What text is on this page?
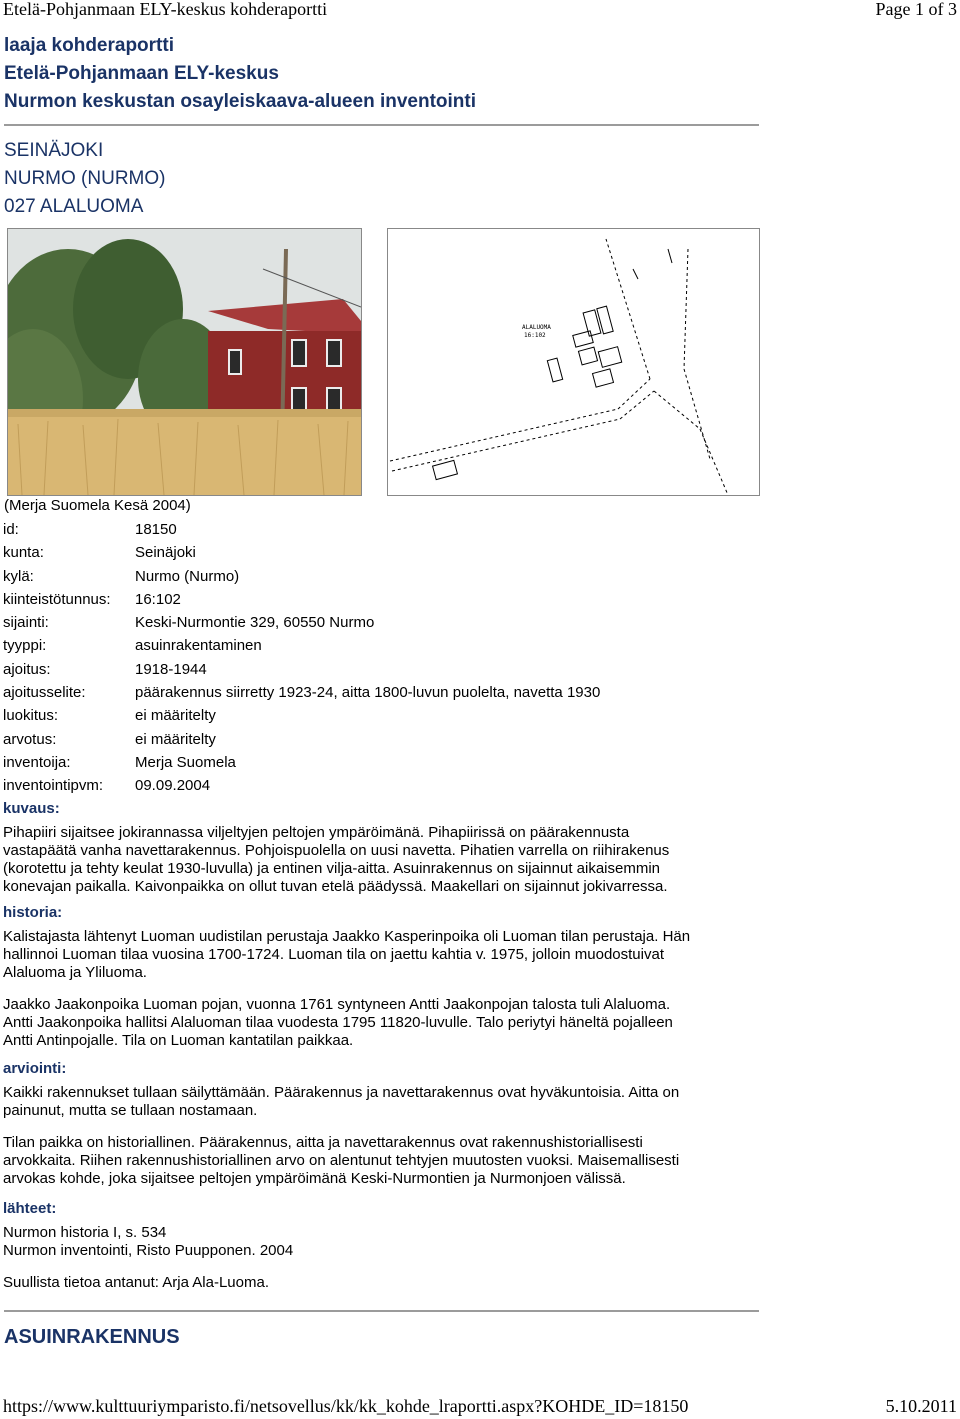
Etelä-Pohjanmaan ELY-keskus kohderaportti	Page 1 of 3
laaja kohderaportti
Etelä-Pohjanmaan ELY-keskus
Nurmon keskustan osayleiskaava-alueen inventointi
SEINÄJOKI
NURMO (NURMO)
027 ALALUOMA
ALALUOMA
16:102
(Merja Suomela Kesä 2004)
id:	18150
kunta:	Seinäjoki
kylä:	Nurmo (Nurmo)
kiinteistötunnus: 16:102
sijainti:	Keski-Nurmontie 329, 60550 Nurmo
tyyppi:	asuinrakentaminen
ajoitus:	1918-1944
ajoitusselite:	päärakennus siirretty 1923-24, aitta 1800-luvun puolelta, navetta 1930
luokitus:	ei määritelty
arvotus:	ei määritelty
inventoija:	Merja Suomela
inventointipvm: 09.09.2004
kuvaus:

Pihapiiri sijaitsee jokirannassa viljeltyjen peltojen ympäröimänä. Pihapiirissä on päärakennusta

vastapäätä vanha navettarakennus. Pohjoispuolella on uusi navetta. Pihatien varrella on riihirakenus

(korotettu ja tehty keulat 1930-luvulla) ja entinen vilja-aitta. Asuinrakennus on sijainnut aikaisemmin

konevajan paikalla. Kaivonpaikka on ollut tuvan etelä päädyssä. Maakellari on sijainnut jokivarressa.

historia:

Kalistajasta lähtenyt Luoman uudistilan perustaja Jaakko Kasperinpoika oli Luoman tilan perustaja. Hän

hallinnoi Luoman tilaa vuosina 1700-1724. Luoman tila on jaettu kahtia v. 1975, jolloin muodostuivat

Alaluoma ja Yliluoma.

Jaakko Jaakonpoika Luoman pojan, vuonna 1761 syntyneen Antti Jaakonpojan talosta tuli Alaluoma.

Antti Jaakonpoika hallitsi Alaluoman tilaa vuodesta 1795 11820-luvulle. Talo periytyi häneltä pojalleen

Antti Antinpojalle. Tila on Luoman kantatilan paikkaa.

arviointi:

Kaikki rakennukset tullaan säilyttämään. Päärakennus ja navettarakennus ovat hyväkuntoisia. Aitta on

painunut, mutta se tullaan nostamaan.

Tilan paikka on historiallinen. Päärakennus, aitta ja navettarakennus ovat rakennushistoriallisesti

arvokkaita. Riihen rakennushistoriallinen arvo on alentunut tehtyjen muutosten vuoksi. Maisemallisesti

arvokas kohde, joka sijaitsee peltojen ympäröimänä Keski-Nurmontien ja Nurmonjoen välissä.

lähteet:

Nurmon historia I, s. 534

Nurmon inventointi, Risto Puupponen. 2004

Suullista tietoa antanut: Arja Ala-Luoma.

ASUINRAKENNUS
https://www.kulttuuriymparisto.fi/netsovellus/kk/kk_kohde_lraportti.aspx?KOHDE_ID=18150	5.10.2011
